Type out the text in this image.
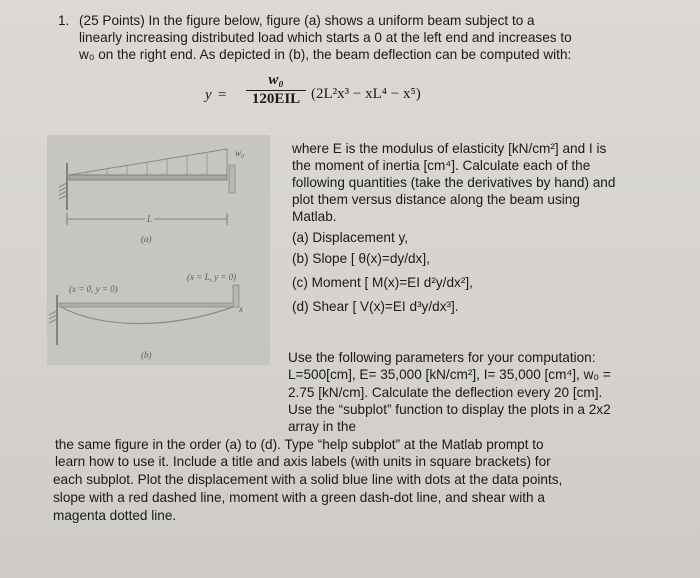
1. (25 Points) In the figure below, figure (a) shows a uniform beam subject to a
linearly increasing distributed load which starts a 0 at the left end and increases to
w₀ on the right end. As depicted in (b), the beam deflection can be computed with:
y =
w₀
120EIL (2L²x³ − xL⁴ − x⁵)
w₀
L
(a)
(x = L, y = 0)
(x = 0, y = 0)
x
(b)
where E is the modulus of elasticity [kN/cm²] and I is
the moment of inertia [cm⁴]. Calculate each of the
following quantities (take the derivatives by hand) and
plot them versus distance along the beam using
Matlab.
(a) Displacement y,
(b) Slope [ θ(x)=dy/dx],
(c) Moment [ M(x)=EI d²y/dx²],
(d) Shear [ V(x)=EI d³y/dx³].
Use the following parameters for your computation:
L=500[cm], E= 35,000 [kN/cm²], I= 35,000 [cm⁴], w₀ =
2.75 [kN/cm]. Calculate the deflection every 20 [cm].
Use the “subplot” function to display the plots in a 2x2
array in the
the same figure in the order (a) to (d). Type “help subplot” at the Matlab prompt to
learn how to use it. Include a title and axis labels (with units in square brackets) for
each subplot. Plot the displacement with a solid blue line with dots at the data points,
slope with a red dashed line, moment with a green dash-dot line, and shear with a
magenta dotted line.
